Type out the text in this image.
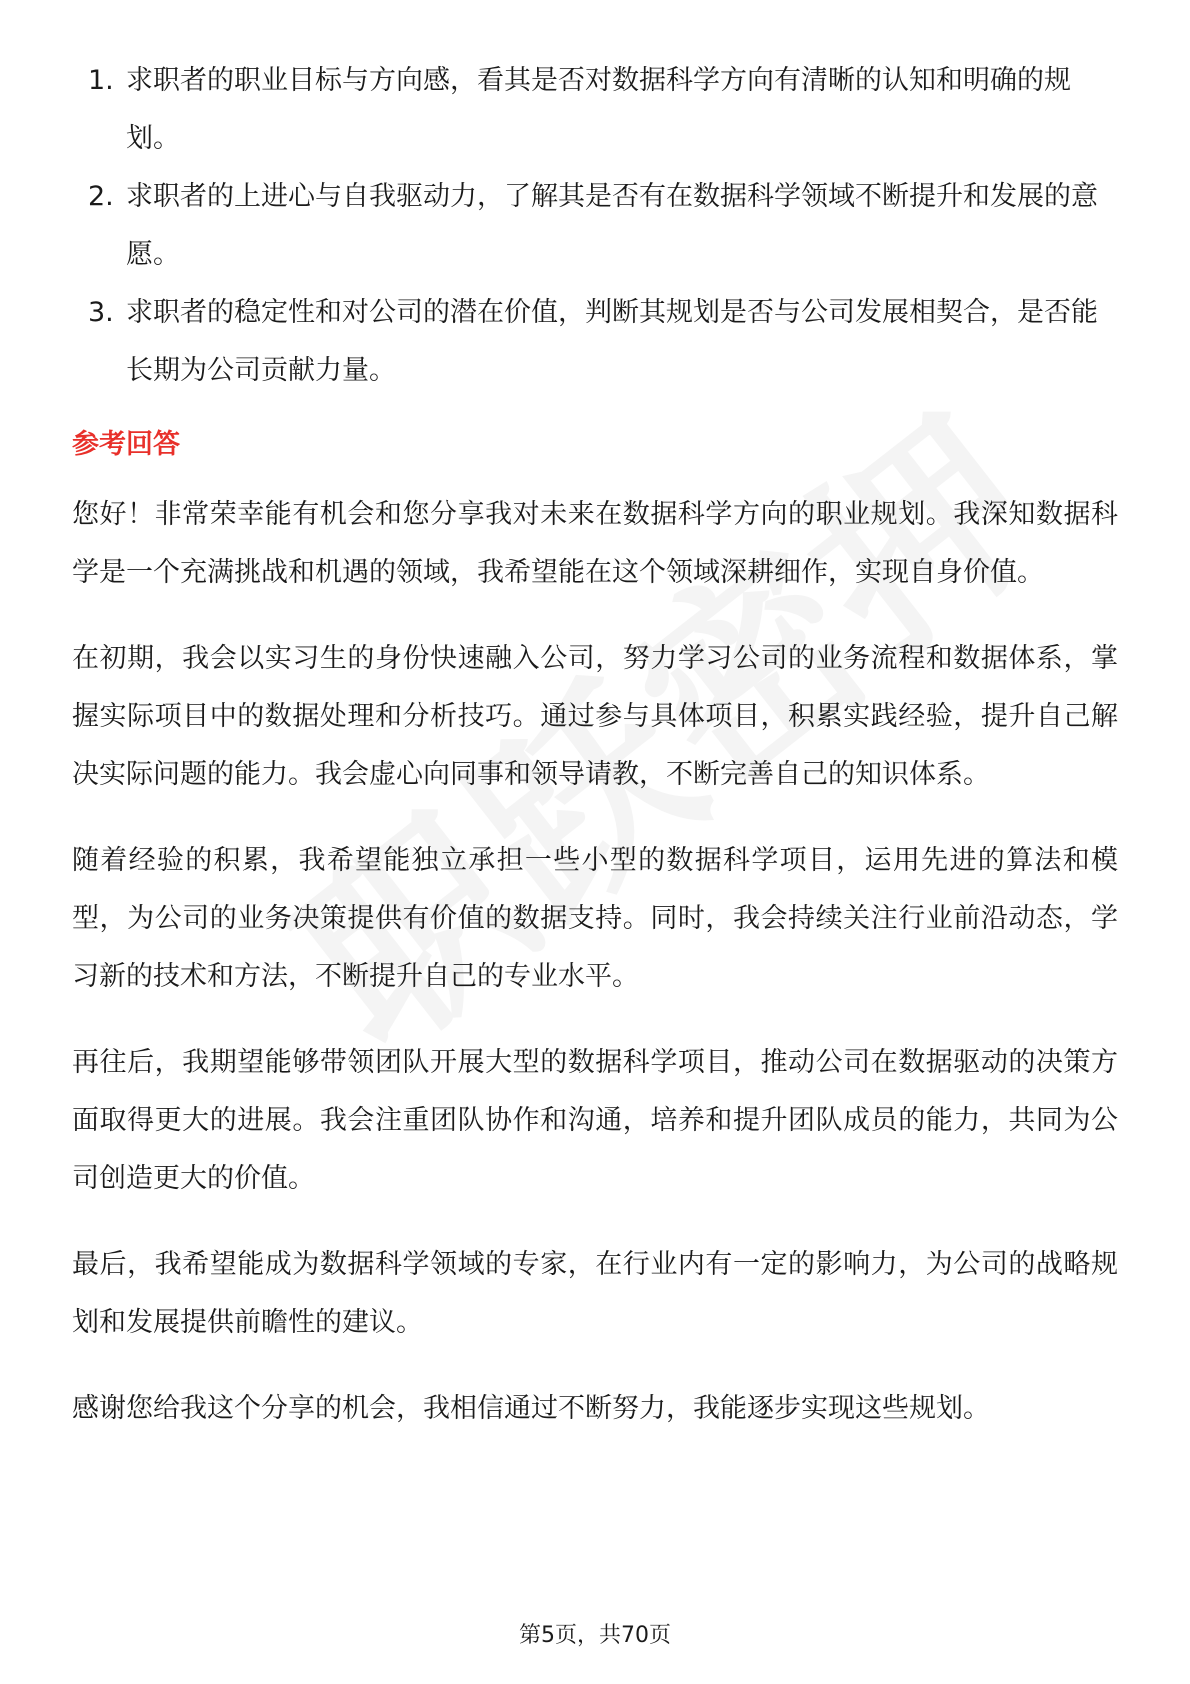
1. 求职者的职业目标与方向感，看其是否对数据科学方向有清晰的认知和明确的规划。
2. 求职者的上进心与自我驱动力，了解其是否有在数据科学领域不断提升和发展的意愿。
3. 求职者的稳定性和对公司的潜在价值，判断其规划是否与公司发展相契合，是否能长期为公司贡献力量。
参考回答

您好！非常荣幸能有机会和您分享我对未来在数据科学方向的职业规划。我深知数据科学是一个充满挑战和机遇的领域，我希望能在这个领域深耕细作，实现自身价值。

在初期，我会以实习生的身份快速融入公司，努力学习公司的业务流程和数据体系，掌握实际项目中的数据处理和分析技巧。通过参与具体项目，积累实践经验，提升自己解决实际问题的能力。我会虚心向同事和领导请教，不断完善自己的知识体系。

随着经验的积累，我希望能独立承担一些小型的数据科学项目，运用先进的算法和模型，为公司的业务决策提供有价值的数据支持。同时，我会持续关注行业前沿动态，学习新的技术和方法，不断提升自己的专业水平。

再往后，我期望能够带领团队开展大型的数据科学项目，推动公司在数据驱动的决策方面取得更大的进展。我会注重团队协作和沟通，培养和提升团队成员的能力，共同为公司创造更大的价值。

最后，我希望能成为数据科学领域的专家，在行业内有一定的影响力，为公司的战略规划和发展提供前瞻性的建议。

感谢您给我这个分享的机会，我相信通过不断努力，我能逐步实现这些规划。

第5页，共70页
